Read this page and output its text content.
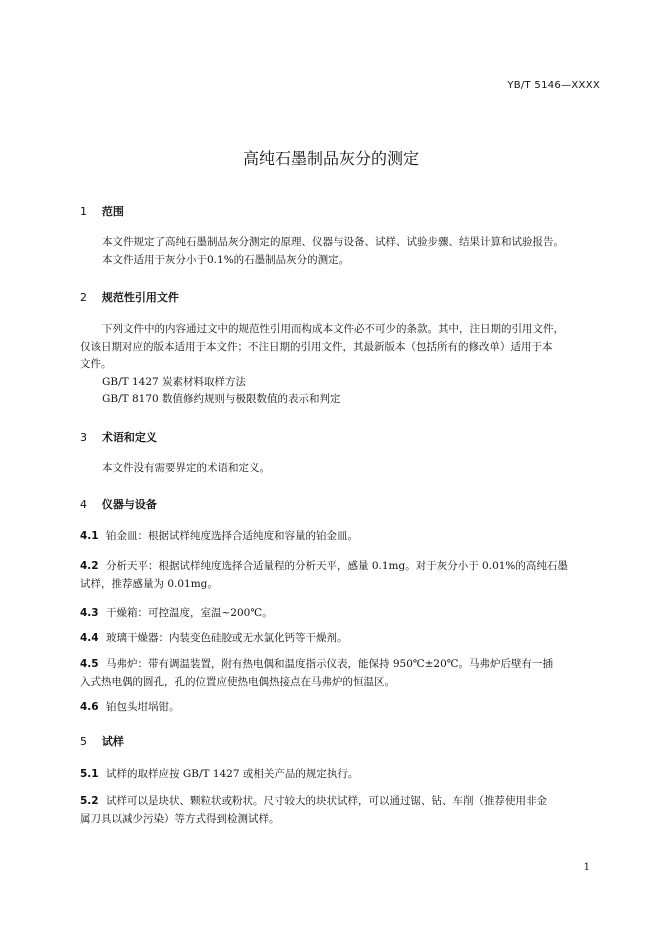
YB/T 5146—XXXX
高纯石墨制品灰分的测定
1 范围
本文件规定了高纯石墨制品灰分测定的原理、仪器与设备、试样、试验步骤、结果计算和试验报告。
本文件适用于灰分小于0.1%的石墨制品灰分的测定。
2 规范性引用文件
下列文件中的内容通过文中的规范性引用而构成本文件必不可少的条款。其中，注日期的引用文件，
仅该日期对应的版本适用于本文件；不注日期的引用文件，其最新版本（包括所有的修改单）适用于本
文件。
GB/T 1427 炭素材料取样方法
GB/T 8170 数值修约规则与极限数值的表示和判定
3 术语和定义
本文件没有需要界定的术语和定义。
4 仪器与设备
4.1 铂金皿：根据试样纯度选择合适纯度和容量的铂金皿。
4.2 分析天平：根据试样纯度选择合适量程的分析天平，感量 0.1mg。对于灰分小于 0.01%的高纯石墨
试样，推荐感量为 0.01mg。
4.3 干燥箱：可控温度，室温~200℃。
4.4 玻璃干燥器：内装变色硅胶或无水氯化钙等干燥剂。
4.5 马弗炉：带有调温装置，附有热电偶和温度指示仪表，能保持 950℃±20℃。马弗炉后壁有一插
入式热电偶的圆孔，孔的位置应使热电偶热接点在马弗炉的恒温区。
4.6 铂包头坩埚钳。
5 试样
5.1 试样的取样应按 GB/T 1427 或相关产品的规定执行。
5.2 试样可以是块状、颗粒状或粉状。尺寸较大的块状试样，可以通过锯、钻、车削（推荐使用非金
属刀具以减少污染）等方式得到检测试样。
1
